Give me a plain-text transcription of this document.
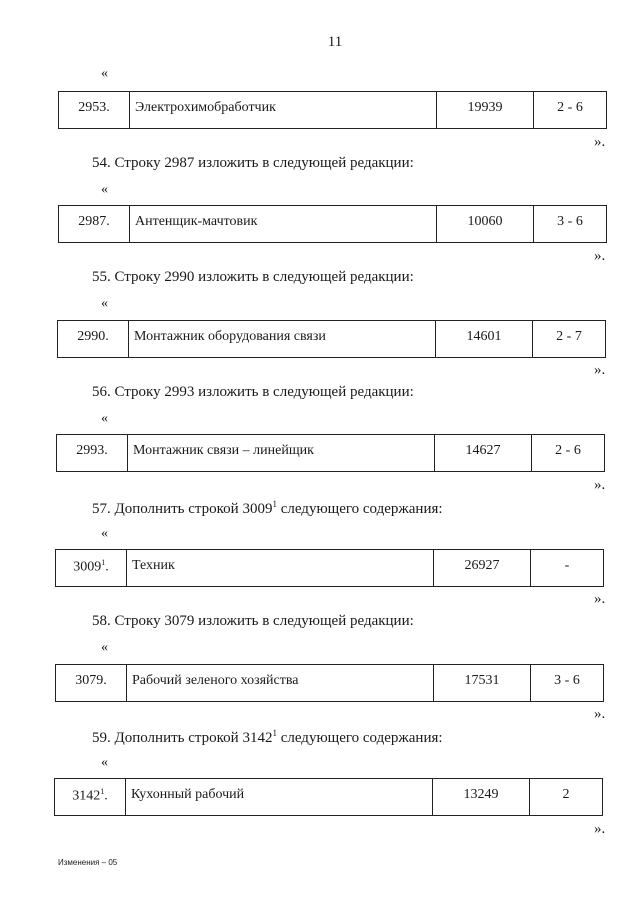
11
«
2953.	Электрохимобработчик	19939	2 - 6
».
54. Строку 2987 изложить в следующей редакции:
«
2987.	Антенщик-мачтовик	10060	3 - 6
».
55. Строку 2990 изложить в следующей редакции:
«
2990.	Монтажник оборудования связи	14601	2 - 7
».
56. Строку 2993 изложить в следующей редакции:
«
2993.	Монтажник связи – линейщик	14627	2 - 6
».
57. Дополнить строкой 3009$^1$ следующего содержания:
«
3009$^1$.	Техник	26927	-
».
58. Строку 3079 изложить в следующей редакции:
«
3079.	Рабочий зеленого хозяйства	17531	3 - 6
».
59. Дополнить строкой 3142$^1$ следующего содержания:
«
3142$^1$.	Кухонный рабочий	13249	2
».
Изменения – 05
